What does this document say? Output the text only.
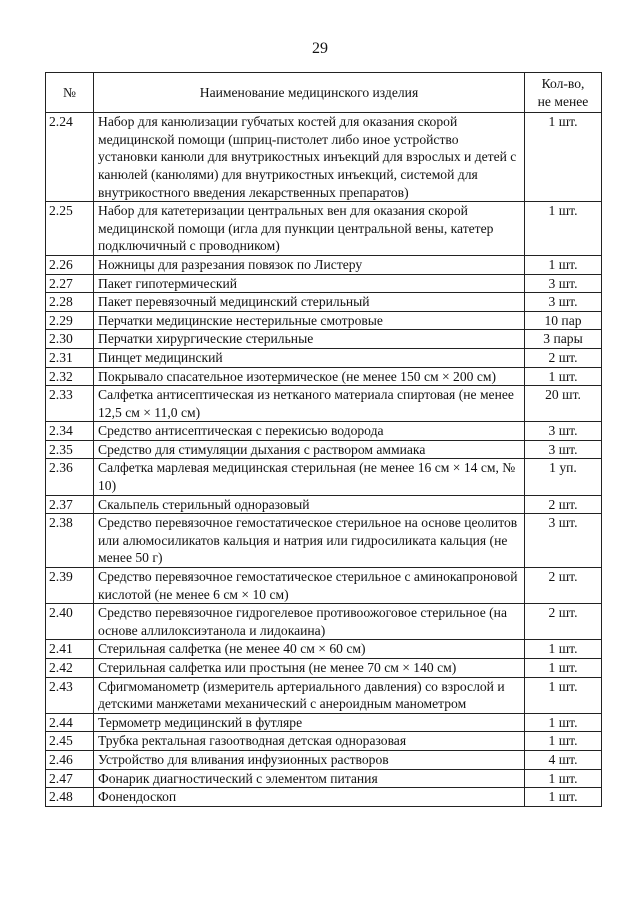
29
№	Наименование медицинского изделия	Кол-во,
не менее
2.24	Набор для канюлизации губчатых костей для оказания скорой медицинской помощи (шприц-пистолет либо иное устройство установки канюли для внутрикостных инъекций для взрослых и детей с канюлей (канюлями) для внутрикостных инъекций, системой для внутрикостного введения лекарственных препаратов)	1 шт.
2.25	Набор для катетеризации центральных вен для оказания скорой медицинской помощи (игла для пункции центральной вены, катетер подключичный с проводником)	1 шт.
2.26	Ножницы для разрезания повязок по Листеру	1 шт.
2.27	Пакет гипотермический	3 шт.
2.28	Пакет перевязочный медицинский стерильный	3 шт.
2.29	Перчатки медицинские нестерильные смотровые	10 пар
2.30	Перчатки хирургические стерильные	3 пары
2.31	Пинцет медицинский	2 шт.
2.32	Покрывало спасательное изотермическое (не менее 150 см × 200 см)	1 шт.
2.33	Салфетка антисептическая из нетканого материала спиртовая (не менее 12,5 см × 11,0 см)	20 шт.
2.34	Средство антисептическая с перекисью водорода	3 шт.
2.35	Средство для стимуляции дыхания с раствором аммиака	3 шт.
2.36	Салфетка марлевая медицинская стерильная (не менее 16 см × 14 см, № 10)	1 уп.
2.37	Скальпель стерильный одноразовый	2 шт.
2.38	Средство перевязочное гемостатическое стерильное на основе цеолитов или алюмосиликатов кальция и натрия или гидросиликата кальция (не менее 50 г)	3 шт.
2.39	Средство перевязочное гемостатическое стерильное с аминокапроновой кислотой (не менее 6 см × 10 см)	2 шт.
2.40	Средство перевязочное гидрогелевое противоожоговое стерильное (на основе аллилоксиэтанола и лидокаина)	2 шт.
2.41	Стерильная салфетка (не менее 40 см × 60 см)	1 шт.
2.42	Стерильная салфетка или простыня (не менее 70 см × 140 см)	1 шт.
2.43	Сфигмоманометр (измеритель артериального давления) со взрослой и детскими манжетами механический с анероидным манометром	1 шт.
2.44	Термометр медицинский в футляре	1 шт.
2.45	Трубка ректальная газоотводная детская одноразовая	1 шт.
2.46	Устройство для вливания инфузионных растворов	4 шт.
2.47	Фонарик диагностический с элементом питания	1 шт.
2.48	Фонендоскоп	1 шт.
